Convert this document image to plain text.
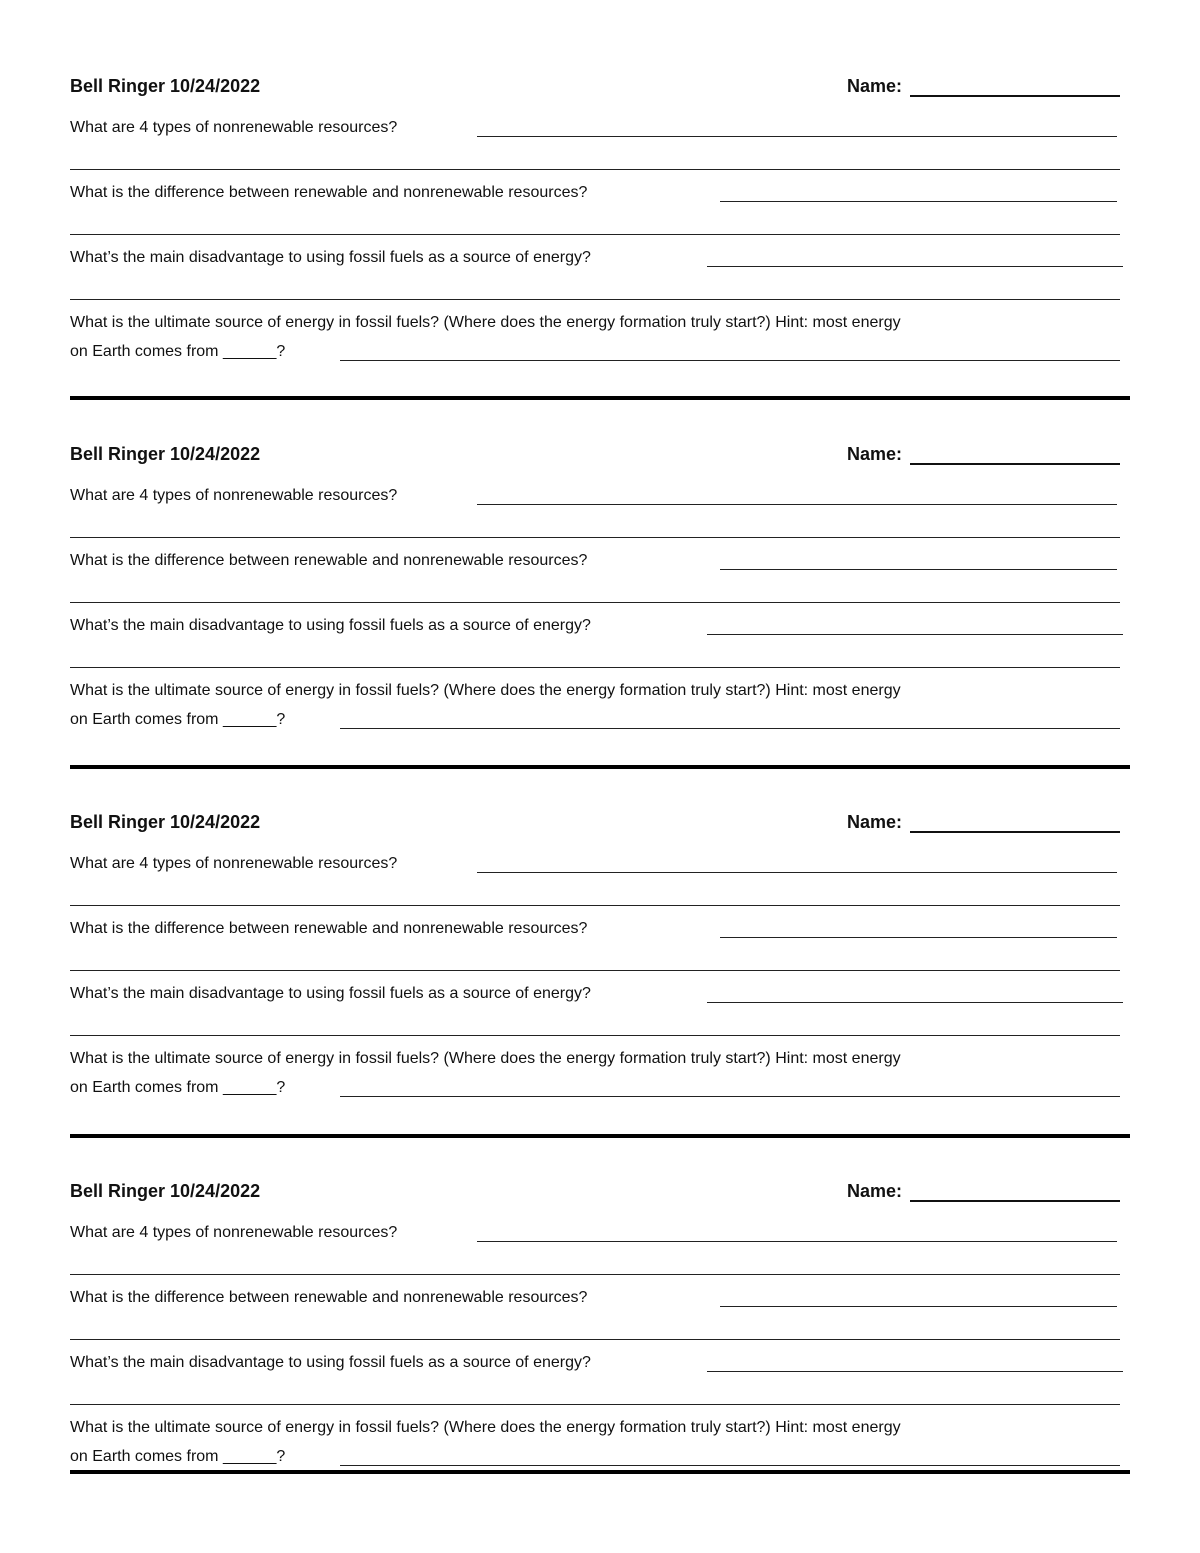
Bell Ringer 10/24/2022	Name:
What are 4 types of nonrenewable resources?
What is the difference between renewable and nonrenewable resources?
What’s the main disadvantage to using fossil fuels as a source of energy?
What is the ultimate source of energy in fossil fuels? (Where does the energy formation truly start?) Hint: most energy
on Earth comes from ______?
Bell Ringer 10/24/2022	Name:
What are 4 types of nonrenewable resources?
What is the difference between renewable and nonrenewable resources?
What’s the main disadvantage to using fossil fuels as a source of energy?
What is the ultimate source of energy in fossil fuels? (Where does the energy formation truly start?) Hint: most energy
on Earth comes from ______?
Bell Ringer 10/24/2022	Name:
What are 4 types of nonrenewable resources?
What is the difference between renewable and nonrenewable resources?
What’s the main disadvantage to using fossil fuels as a source of energy?
What is the ultimate source of energy in fossil fuels? (Where does the energy formation truly start?) Hint: most energy
on Earth comes from ______?
Bell Ringer 10/24/2022	Name:
What are 4 types of nonrenewable resources?
What is the difference between renewable and nonrenewable resources?
What’s the main disadvantage to using fossil fuels as a source of energy?
What is the ultimate source of energy in fossil fuels? (Where does the energy formation truly start?) Hint: most energy
on Earth comes from ______?
